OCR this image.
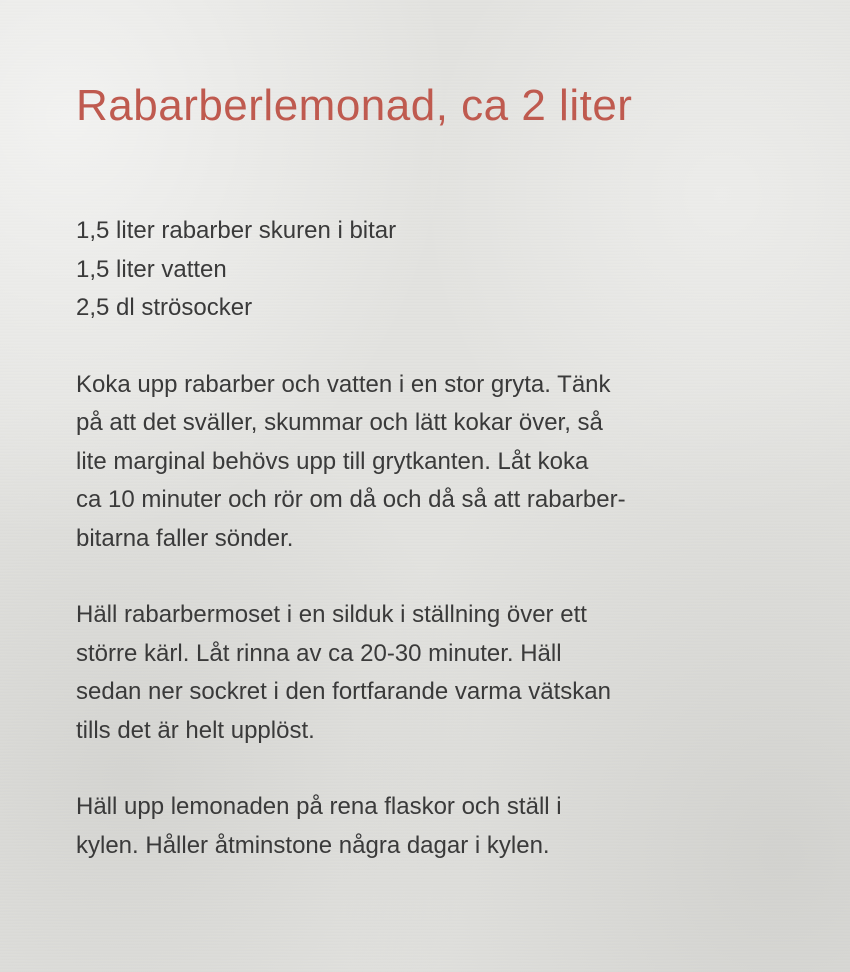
Rabarberlemonad, ca 2 liter
1,5 liter rabarber skuren i bitar
1,5 liter vatten
2,5 dl strösocker
Koka upp rabarber och vatten i en stor gryta. Tänk
på att det sväller, skummar och lätt kokar över, så
lite marginal behövs upp till grytkanten. Låt koka
ca 10 minuter och rör om då och då så att rabarber-
bitarna faller sönder.
Häll rabarbermoset i en silduk i ställning över ett
större kärl. Låt rinna av ca 20-30 minuter. Häll
sedan ner sockret i den fortfarande varma vätskan
tills det är helt upplöst.
Häll upp lemonaden på rena flaskor och ställ i
kylen. Håller åtminstone några dagar i kylen.
